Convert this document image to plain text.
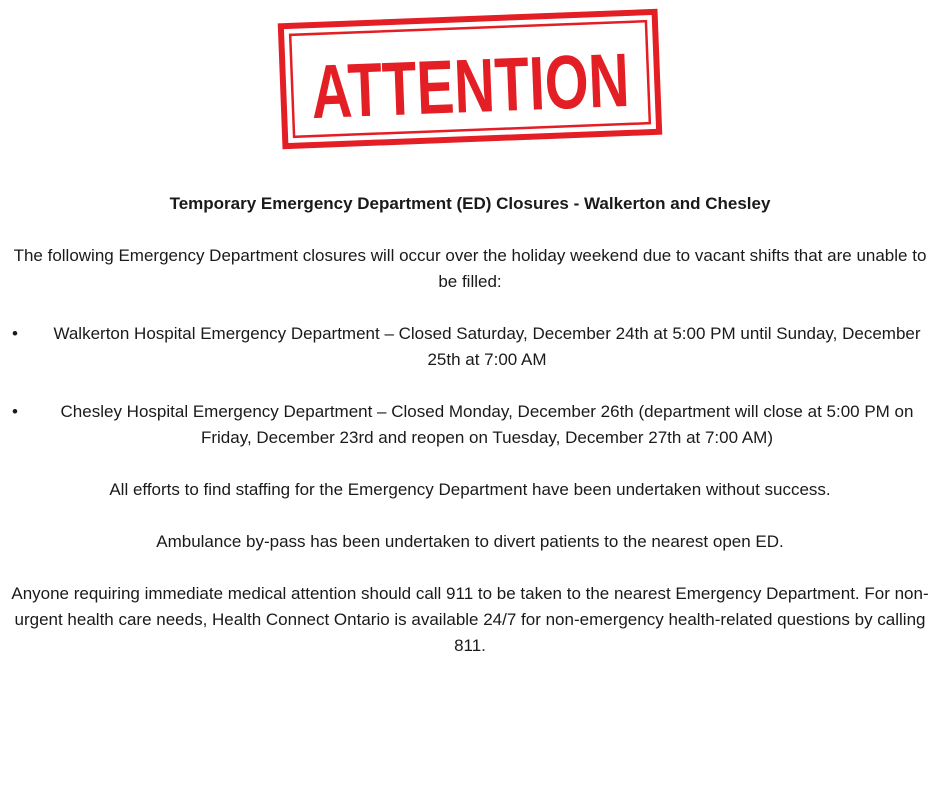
ATTENTION

Temporary Emergency Department (ED) Closures - Walkerton and Chesley

The following Emergency Department closures will occur over the holiday weekend due to vacant shifts that are unable to be filled:

• Walkerton Hospital Emergency Department – Closed Saturday, December 24th at 5:00 PM until Sunday, December 25th at 7:00 AM
•	Chesley Hospital Emergency Department – Closed Monday, December 26th (department will close at 5:00 PM on Friday, December 23rd and reopen on Tuesday, December 27th at 7:00 AM)

All efforts to find staffing for the Emergency Department have been undertaken without success.

Ambulance by-pass has been undertaken to divert patients to the nearest open ED.

Anyone requiring immediate medical attention should call 911 to be taken to the nearest Emergency Department. For non-urgent health care needs, Health Connect Ontario is available 24/7 for non-emergency health-related questions by calling 811.
